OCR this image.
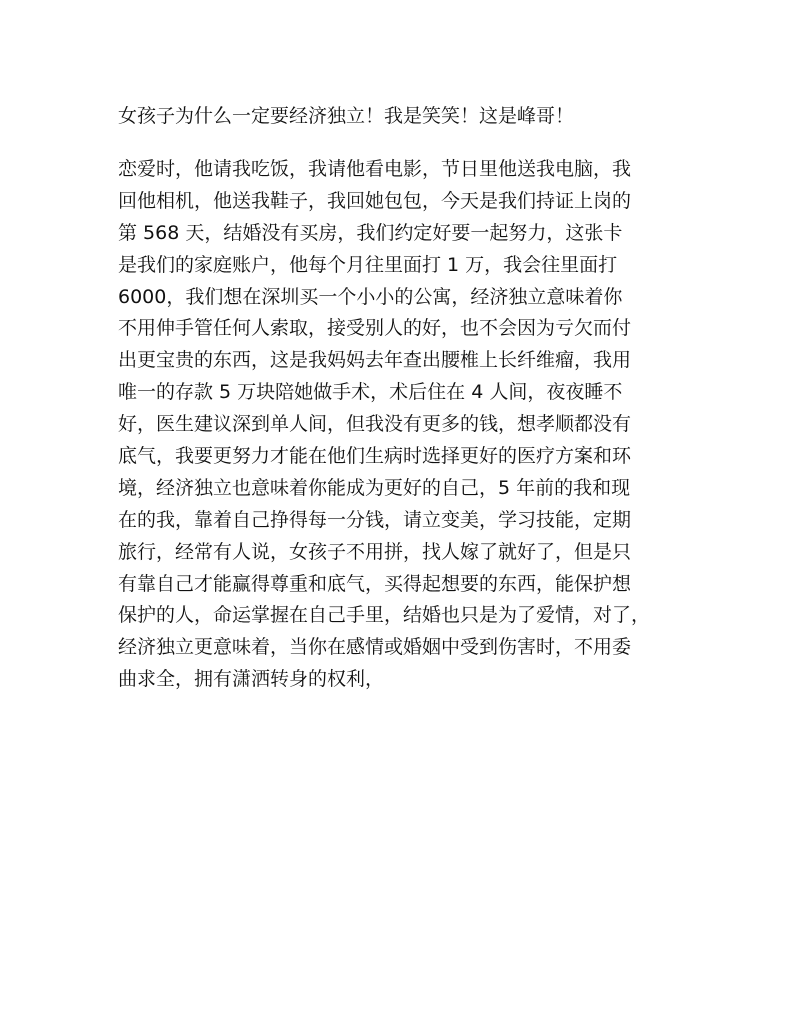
女孩子为什么一定要经济独立！我是笑笑！这是峰哥！
恋爱时，他请我吃饭，我请他看电影，节日里他送我电脑，我
回他相机，他送我鞋子，我回她包包，今天是我们持证上岗的
第 568 天，结婚没有买房，我们约定好要一起努力，这张卡
是我们的家庭账户，他每个月往里面打 1 万，我会往里面打
6000，我们想在深圳买一个小小的公寓，经济独立意味着你
不用伸手管任何人索取，接受别人的好，也不会因为亏欠而付
出更宝贵的东西，这是我妈妈去年查出腰椎上长纤维瘤，我用
唯一的存款 5 万块陪她做手术，术后住在 4 人间，夜夜睡不
好，医生建议深到单人间，但我没有更多的钱，想孝顺都没有
底气，我要更努力才能在他们生病时选择更好的医疗方案和环
境，经济独立也意味着你能成为更好的自己，5 年前的我和现
在的我，靠着自己挣得每一分钱，请立变美，学习技能，定期
旅行，经常有人说，女孩子不用拼，找人嫁了就好了，但是只
有靠自己才能赢得尊重和底气，买得起想要的东西，能保护想
保护的人，命运掌握在自己手里，结婚也只是为了爱情，对了，
经济独立更意味着，当你在感情或婚姻中受到伤害时，不用委
曲求全，拥有潇洒转身的权利，
